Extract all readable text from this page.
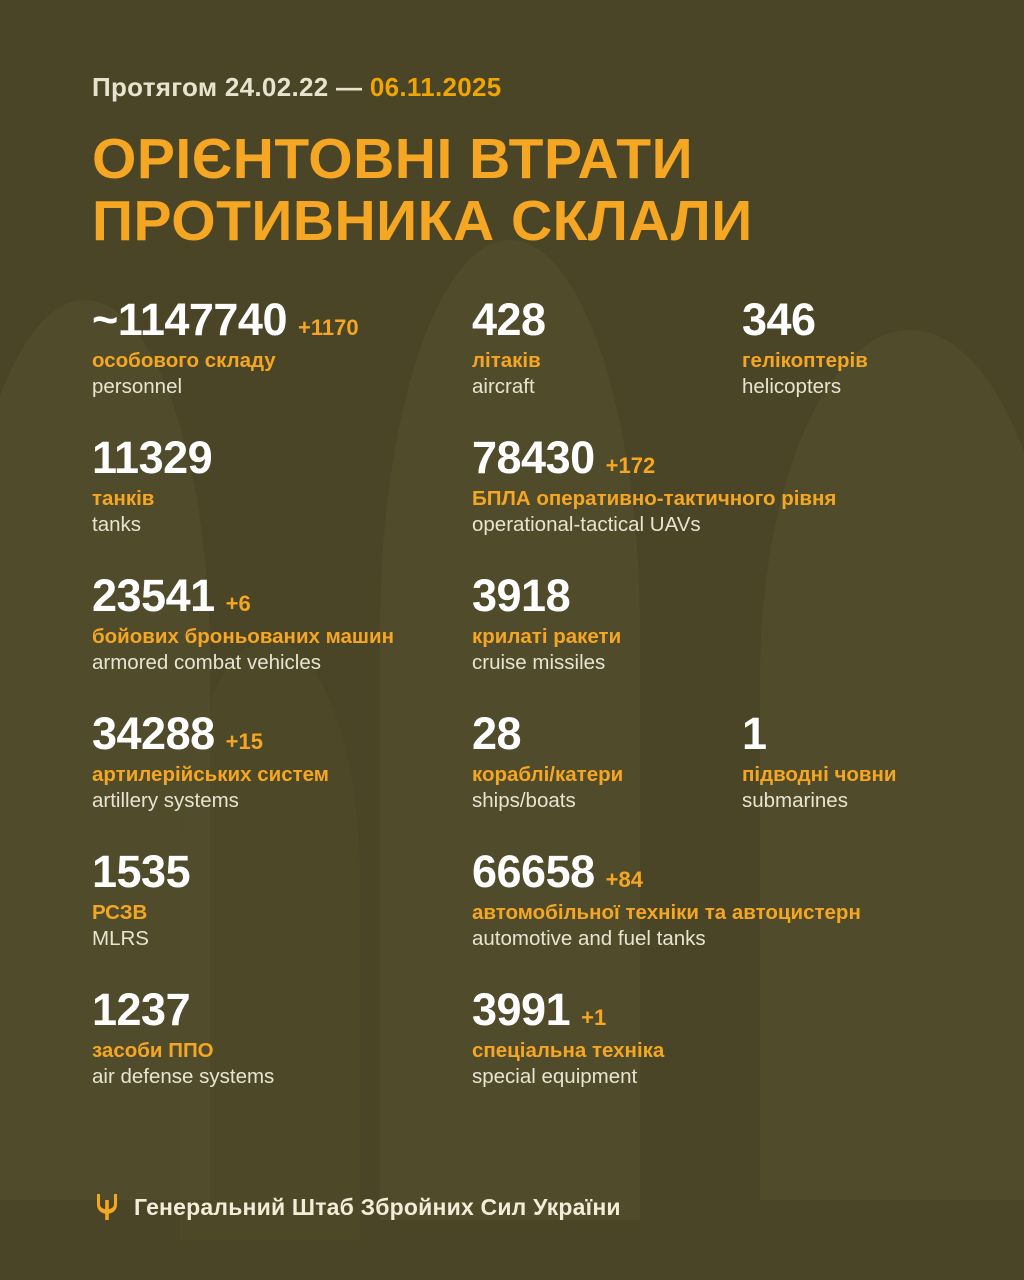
Протягом 24.02.22 — 06.11.2025
ОРІЄНТОВНІ ВТРАТИ
ПРОТИВНИКА СКЛАЛИ
~1147740 +1170
особового складу
personnel
428
літаків
aircraft
346
гелікоптерів
helicopters
11329
танків
tanks
78430 +172
БПЛА оперативно-тактичного рівня
operational-tactical UAVs
23541 +6
бойових броньованих машин
armored combat vehicles
3918
крилаті ракети
cruise missiles
34288 +15
артилерійських систем
artillery systems
28
кораблі/катери
ships/boats
1
підводні човни
submarines
1535
РСЗВ
MLRS
66658 +84
автомобільної техніки та автоцистерн
automotive and fuel tanks
1237
засоби ППО
air defense systems
3991 +1
спеціальна техніка
special equipment
Генеральний Штаб Збройних Сил України
